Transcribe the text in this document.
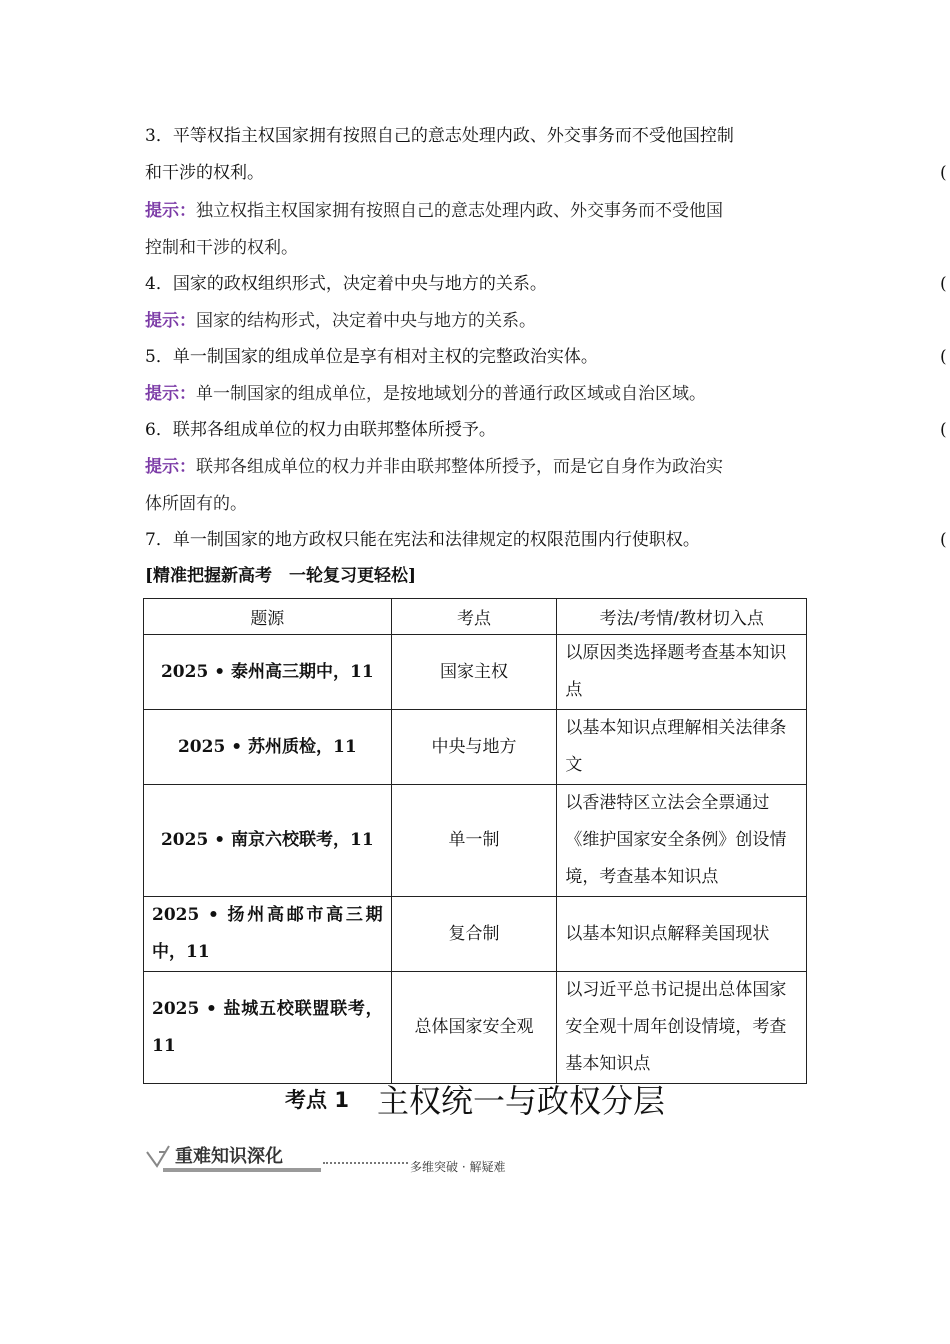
3．平等权指主权国家拥有按照自己的意志处理内政、外交事务而不受他国控制
和干涉的权利。	(
提示：独立权指主权国家拥有按照自己的意志处理内政、外交事务而不受他国
控制和干涉的权利。
4．国家的政权组织形式，决定着中央与地方的关系。	(
提示：国家的结构形式，决定着中央与地方的关系。
5．单一制国家的组成单位是享有相对主权的完整政治实体。	(
提示：单一制国家的组成单位，是按地域划分的普通行政区域或自治区域。
6．联邦各组成单位的权力由联邦整体所授予。	(
提示：联邦各组成单位的权力并非由联邦整体所授予，而是它自身作为政治实
体所固有的。
7．单一制国家的地方政权只能在宪法和法律规定的权限范围内行使职权。	(
[精准把握新高考　一轮复习更轻松]
题源	考点	考法/考情/教材切入点
2025 • 泰州高三期中，11	国家主权	以原因类选择题考查基本知识点
2025 • 苏州质检，11	中央与地方	以基本知识点理解相关法律条文
2025 • 南京六校联考，11	单一制	以香港特区立法会全票通过《维护国家安全条例》创设情境，考查基本知识点
2025 • 扬州高邮市高三期中，11	复合制	以基本知识点解释美国现状
2025 • 盐城五校联盟联考，11	总体国家安全观	以习近平总书记提出总体国家安全观十周年创设情境，考查基本知识点
考点 1 主权统一与政权分层
重难知识深化	多维突破 · 解疑难
